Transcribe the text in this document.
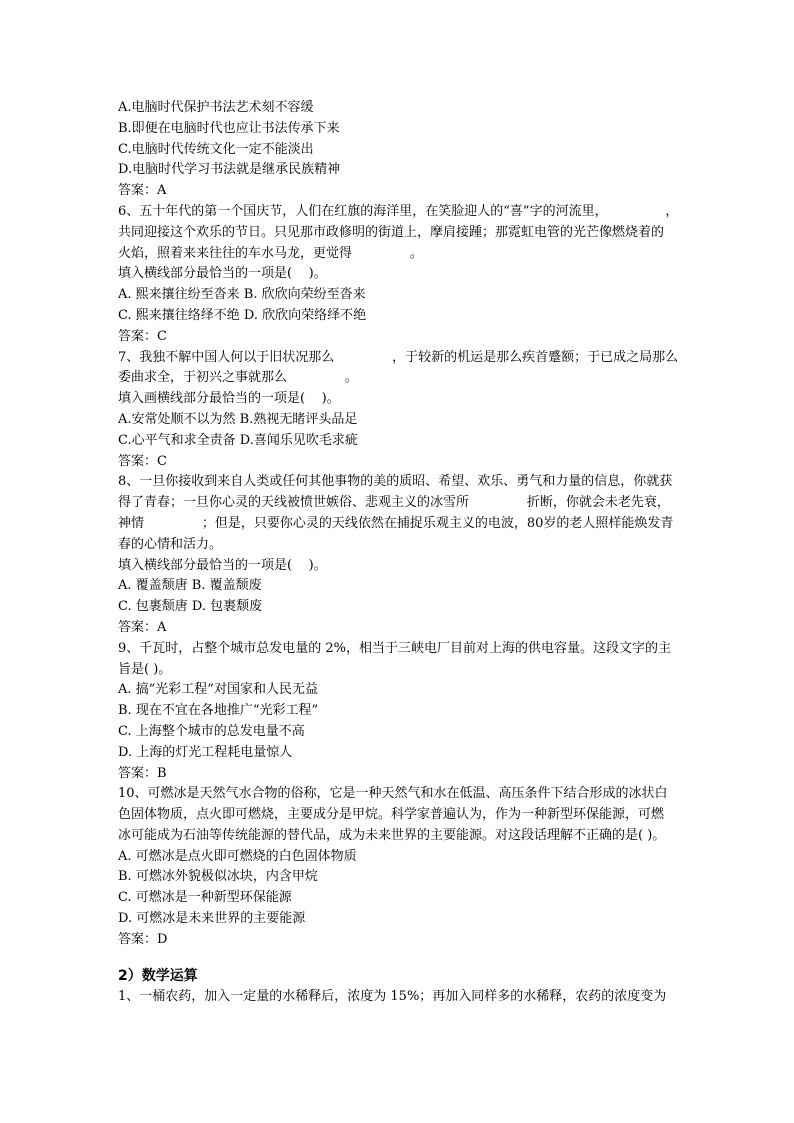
A.电脑时代保护书法艺术刻不容缓
B.即便在电脑时代也应让书法传承下来
C.电脑时代传统文化一定不能淡出
D.电脑时代学习书法就是继承民族精神
答案：A
6、五十年代的第一个国庆节，人们在红旗的海洋里，在笑脸迎人的“喜”字的河流里，              ，
共同迎接这个欢乐的节日。只见那市政修明的街道上，摩肩接踵；那霓虹电管的光芒像燃烧着的
火焰，照着来来往往的车水马龙，更觉得              。
填入横线部分最恰当的一项是(    )。
A. 熙来攘往纷至沓来 B. 欣欣向荣纷至沓来
C. 熙来攘往络绎不绝 D. 欣欣向荣络绎不绝
答案：C
7、我独不解中国人何以于旧状况那么              ，于较新的机运是那么疾首蹙额；于已成之局那么
委曲求全，于初兴之事就那么              。
填入画横线部分最恰当的一项是(    )。
A.安常处顺不以为然 B.熟视无睹评头品足
C.心平气和求全责备 D.喜闻乐见吹毛求疵
答案：C
8、一旦你接收到来自人类或任何其他事物的美的质昭、希望、欢乐、勇气和力量的信息，你就获
得了青春；一旦你心灵的天线被愤世嫉俗、悲观主义的冰雪所              折断，你就会未老先衰，
神情              ；但是，只要你心灵的天线依然在捕捉乐观主义的电波，80岁的老人照样能焕发青
春的心情和活力。
填入横线部分最恰当的一项是(    )。
A. 覆盖颓唐 B. 覆盖颓废
C. 包裹颓唐 D. 包裹颓废
答案：A
9、千瓦时，占整个城市总发电量的 2%，相当于三峡电厂目前对上海的供电容量。这段文字的主
旨是( )。
A. 搞“光彩工程”对国家和人民无益
B. 现在不宜在各地推广“光彩工程”
C. 上海整个城市的总发电量不高
D. 上海的灯光工程耗电量惊人
答案：B
10、可燃冰是天然气水合物的俗称，它是一种天然气和水在低温、高压条件下结合形成的冰状白
色固体物质，点火即可燃烧，主要成分是甲烷。科学家普遍认为，作为一种新型环保能源，可燃
冰可能成为石油等传统能源的替代品，成为未来世界的主要能源。对这段话理解不正确的是( )。
A. 可燃冰是点火即可燃烧的白色固体物质
B. 可燃冰外貌极似冰块，内含甲烷
C. 可燃冰是一种新型环保能源
D. 可燃冰是未来世界的主要能源
答案：D
2）数学运算
1、一桶农药，加入一定量的水稀释后，浓度为 15%；再加入同样多的水稀释，农药的浓度变为
